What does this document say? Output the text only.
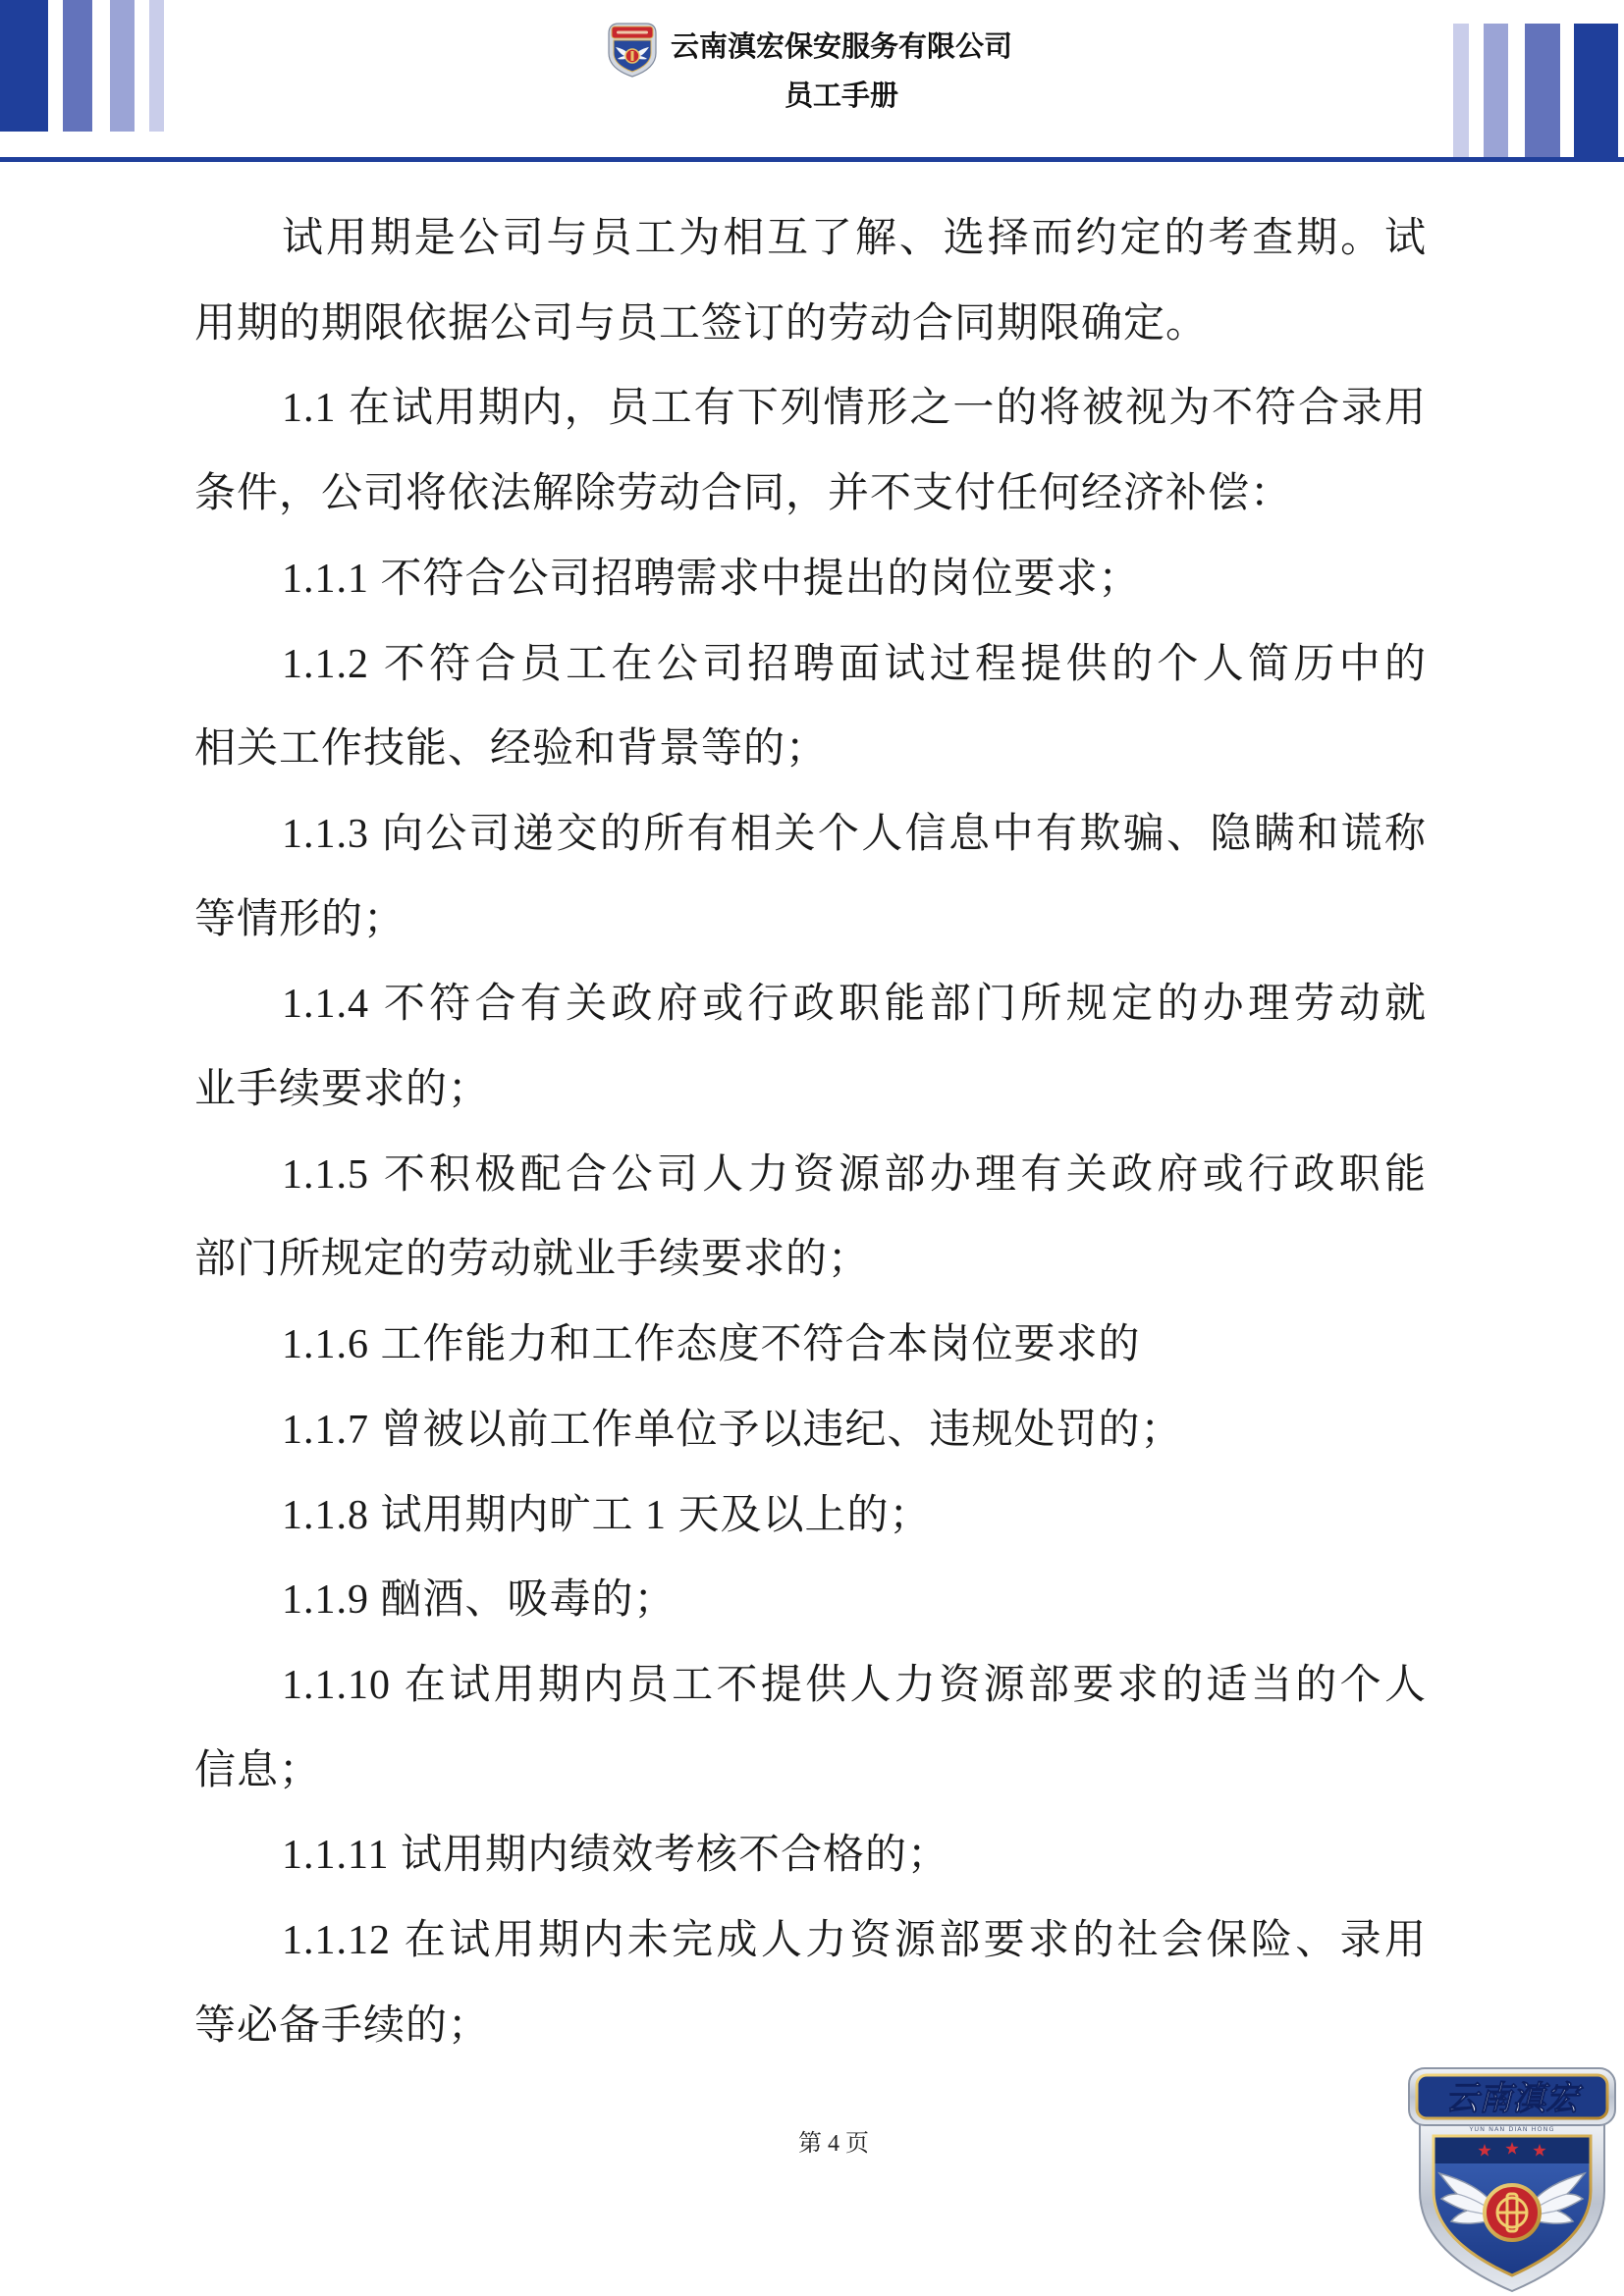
云南滇宏保安服务有限公司
员工手册
试用期是公司与员工为相互了解、选择而约定的考查期。试
用期的期限依据公司与员工签订的劳动合同期限确定。
1.1 在试用期内，员工有下列情形之一的将被视为不符合录用
条件，公司将依法解除劳动合同，并不支付任何经济补偿：
1.1.1 不符合公司招聘需求中提出的岗位要求；
1.1.2 不符合员工在公司招聘面试过程提供的个人简历中的
相关工作技能、经验和背景等的；
1.1.3 向公司递交的所有相关个人信息中有欺骗、隐瞒和谎称
等情形的；
1.1.4 不符合有关政府或行政职能部门所规定的办理劳动就
业手续要求的；
1.1.5 不积极配合公司人力资源部办理有关政府或行政职能
部门所规定的劳动就业手续要求的；
1.1.6 工作能力和工作态度不符合本岗位要求的
1.1.7 曾被以前工作单位予以违纪、违规处罚的；
1.1.8 试用期内旷工 1 天及以上的；
1.1.9 酗酒、吸毒的；
1.1.10 在试用期内员工不提供人力资源部要求的适当的个人
信息；
1.1.11 试用期内绩效考核不合格的；
1.1.12 在试用期内未完成人力资源部要求的社会保险、录用
等必备手续的；
第 4 页
云南滇宏
YUN NAN DIAN HONG
